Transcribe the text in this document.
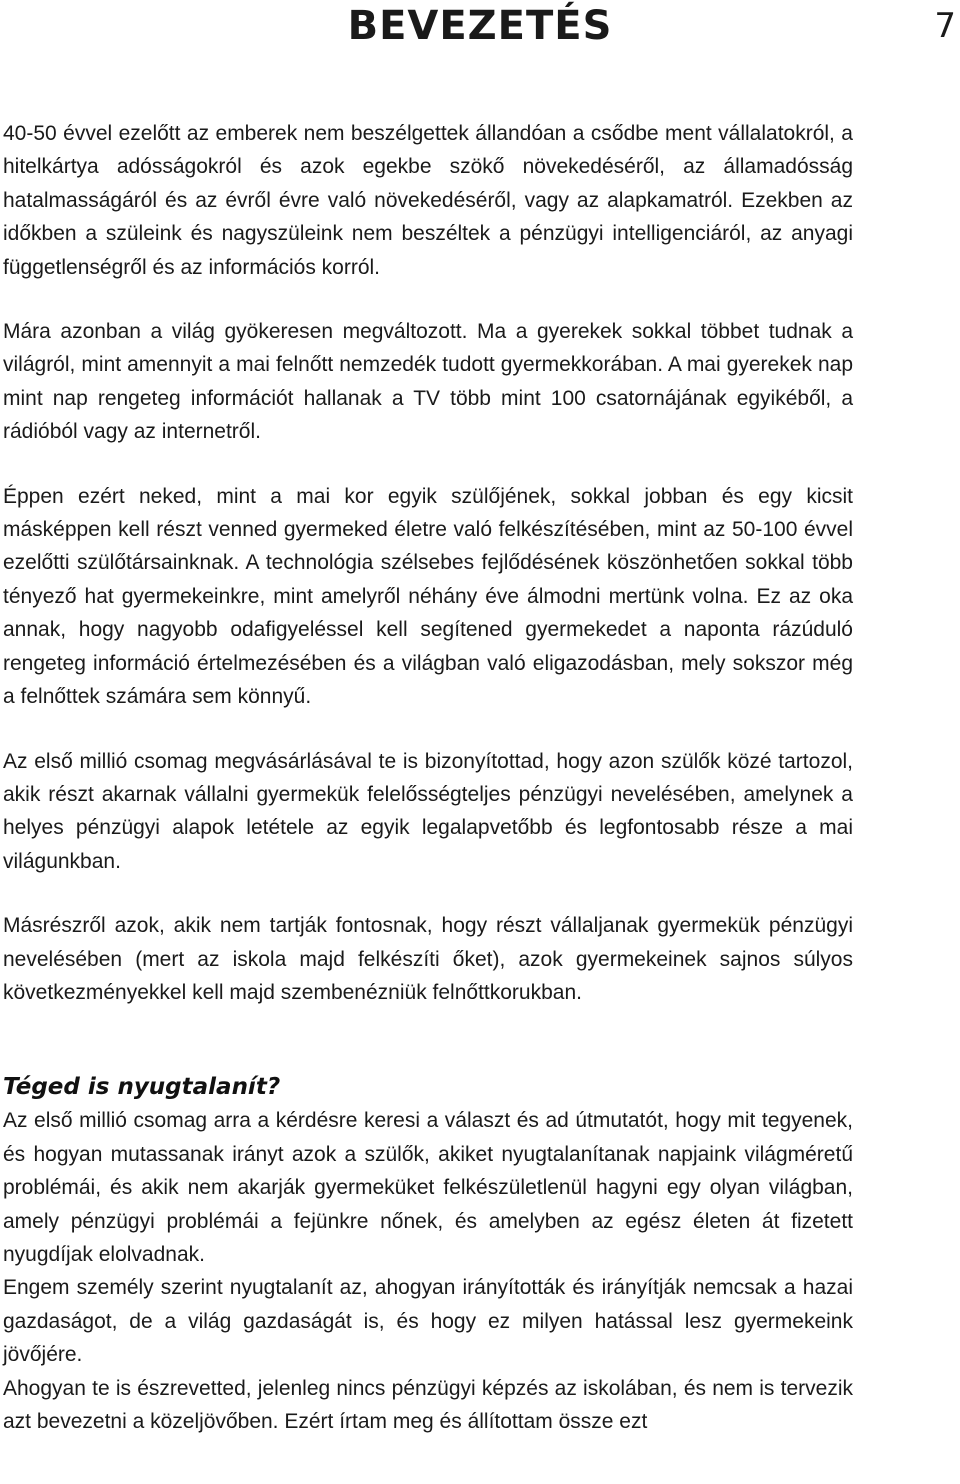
BEVEZETÉS	7

40-50 évvel ezelőtt az emberek nem beszélgettek állandóan a csődbe ment vállalatokról, a hitelkártya adósságokról és azok egekbe szökő növekedéséről, az államadósság hatalmasságáról és az évről évre való növekedéséről, vagy az alapkamatról. Ezekben az időkben a szüleink és nagyszüleink nem beszéltek a pénzügyi intelligenciáról, az anyagi függetlenségről és az információs korról.

Mára azonban a világ gyökeresen megváltozott. Ma a gyerekek sokkal többet tudnak a világról, mint amennyit a mai felnőtt nemzedék tudott gyermekkorában. A mai gyerekek nap mint nap rengeteg információt hallanak a TV több mint 100 csatornájának egyikéből, a rádióból vagy az internetről.

Éppen ezért neked, mint a mai kor egyik szülőjének, sokkal jobban és egy kicsit másképpen kell részt venned gyermeked életre való felkészítésében, mint az 50-100 évvel ezelőtti szülőtársainknak. A technológia szélsebes fejlődésének köszönhetően sokkal több tényező hat gyermekeinkre, mint amelyről néhány éve álmodni mertünk volna. Ez az oka annak, hogy nagyobb odafigyeléssel kell segítened gyermekedet a naponta rázúduló rengeteg információ értelmezésében és a világban való eligazodásban, mely sokszor még a felnőttek számára sem könnyű.

Az első millió csomag megvásárlásával te is bizonyítottad, hogy azon szülők közé tartozol, akik részt akarnak vállalni gyermekük felelősségteljes pénzügyi nevelésében, amelynek a helyes pénzügyi alapok letétele az egyik legalapvetőbb és legfontosabb része a mai világunkban.

Másrészről azok, akik nem tartják fontosnak, hogy részt vállaljanak gyermekük pénzügyi nevelésében (mert az iskola majd felkészíti őket), azok gyermekeinek sajnos súlyos következményekkel kell majd szembenézniük felnőttkorukban.

Téged is nyugtalanít?

Az első millió csomag arra a kérdésre keresi a választ és ad útmutatót, hogy mit tegyenek, és hogyan mutassanak irányt azok a szülők, akiket nyugtalanítanak napjaink világméretű problémái, és akik nem akarják gyermeküket felkészületlenül hagyni egy olyan világban, amely pénzügyi problémái a fejünkre nőnek, és amelyben az egész életen át fizetett nyugdíjak elolvadnak.

Engem személy szerint nyugtalanít az, ahogyan irányították és irányítják nemcsak a hazai gazdaságot, de a világ gazdaságát is, és hogy ez milyen hatással lesz gyermekeink jövőjére.

Ahogyan te is észrevetted, jelenleg nincs pénzügyi képzés az iskolában, és nem is tervezik azt bevezetni a közeljövőben. Ezért írtam meg és állítottam össze ezt
